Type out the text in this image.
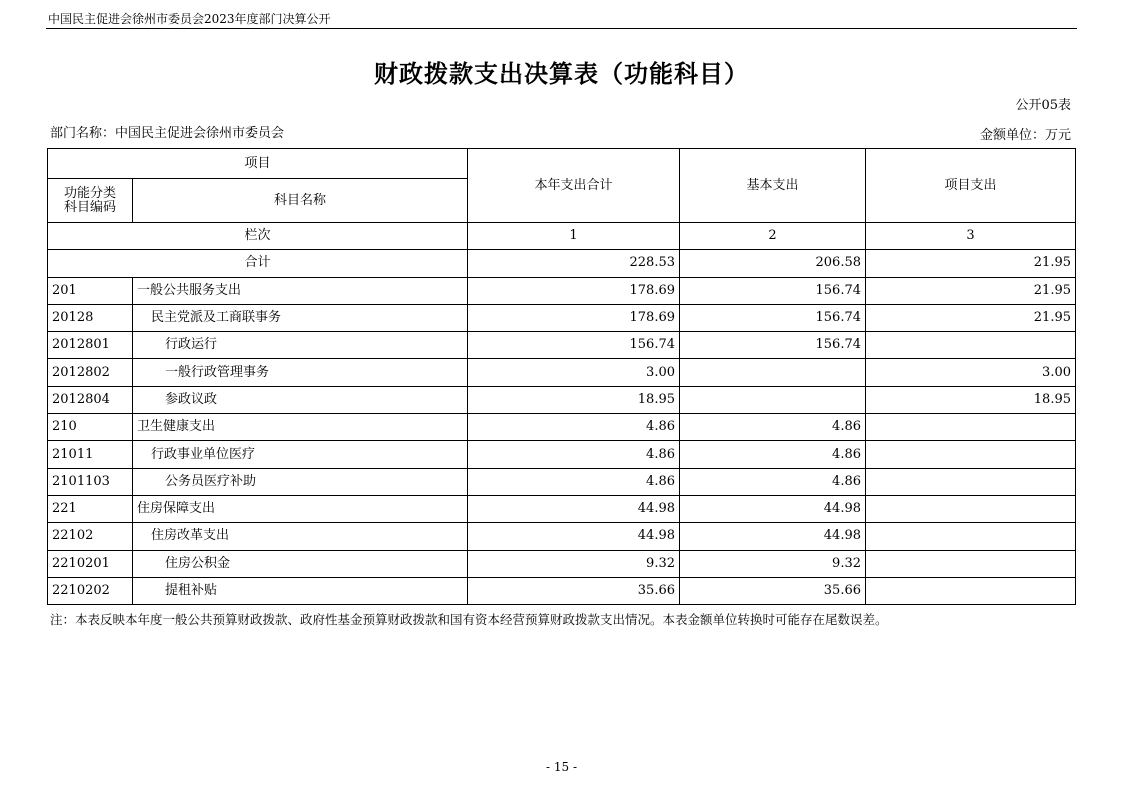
中国民主促进会徐州市委员会2023年度部门决算公开
财政拨款支出决算表（功能科目）
公开05表
部门名称：中国民主促进会徐州市委员会	金额单位：万元
项目		本年支出合计	基本支出	项目支出
功能分类科目编码	科目名称			
栏次		1	2	3
合计		228.53	206.58	21.95
201	一般公共服务支出	178.69	156.74	21.95
20128	民主党派及工商联事务	178.69	156.74	21.95
2012801	行政运行	156.74	156.74	
2012802	一般行政管理事务	3.00		3.00
2012804	参政议政	18.95		18.95
210	卫生健康支出	4.86	4.86	
21011	行政事业单位医疗	4.86	4.86	
2101103	公务员医疗补助	4.86	4.86	
221	住房保障支出	44.98	44.98	
22102	住房改革支出	44.98	44.98	
2210201	住房公积金	9.32	9.32	
2210202	提租补贴	35.66	35.66	
注：本表反映本年度一般公共预算财政拨款、政府性基金预算财政拨款和国有资本经营预算财政拨款支出情况。本表金额单位转换时可能存在尾数误差。
- 15 -
